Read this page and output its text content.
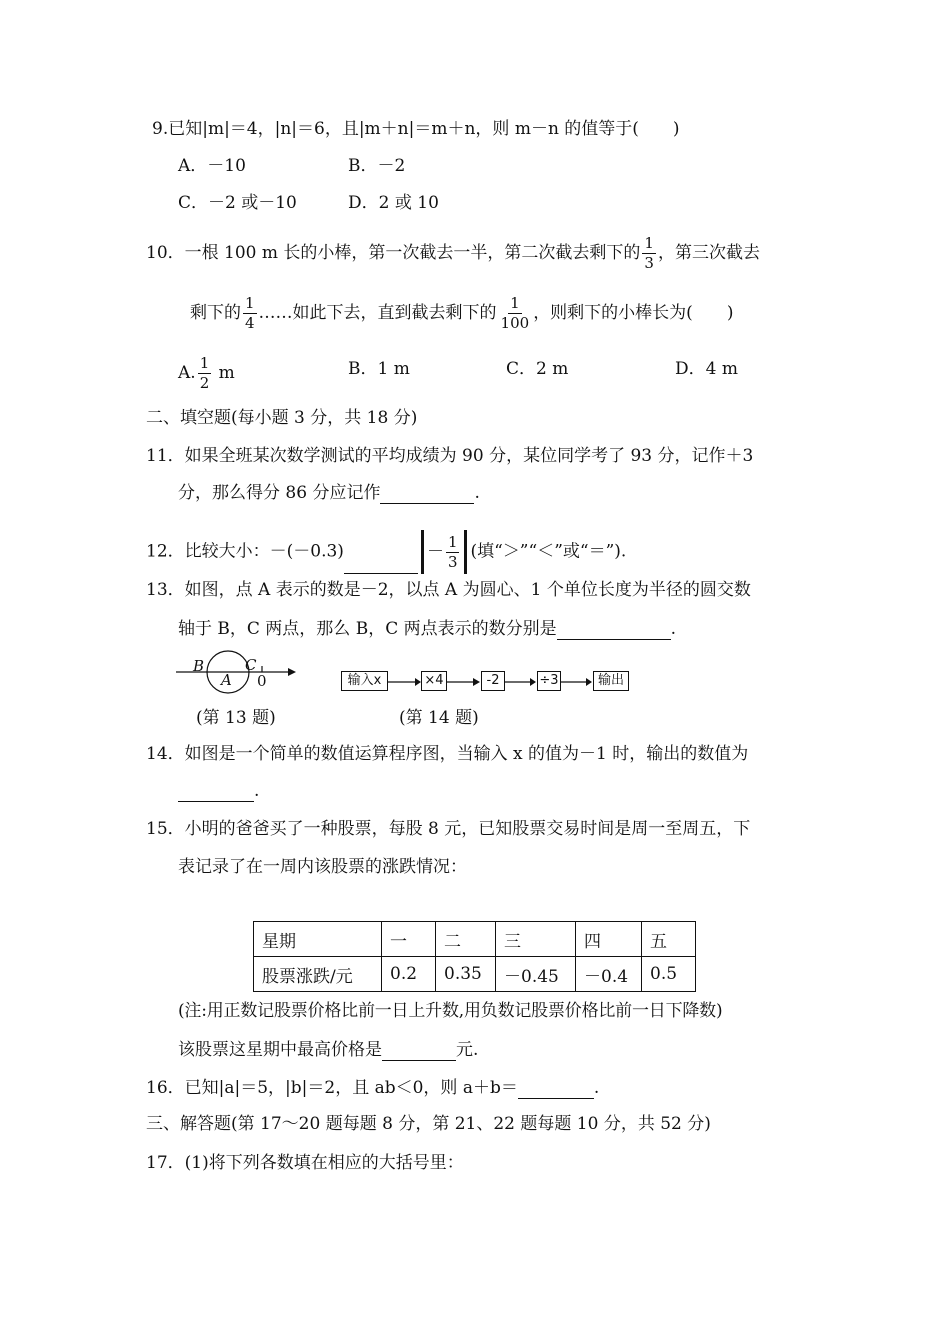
9.已知|m|＝4，|n|＝6，且|m＋n|＝m＋n，则 m－n 的值等于(　　)
A．－10	B．－2
C．－2 或－10	D．2 或 10
10．一根 100 m 长的小棒，第一次截去一半，第二次截去剩下的 $\frac{1}{3}$ ，第三次截去
剩下的 $\frac{1}{4}$ ……如此下去，直到截去剩下的 $\frac{1}{100}$ ，则剩下的小棒长为(　　)
A. $\frac{1}{2}$ m	B．1 m	C．2 m	D．4 m
二、填空题(每小题 3 分，共 18 分)
11．如果全班某次数学测试的平均成绩为 90 分，某位同学考了 93 分，记作＋3
分，那么得分 86 分应记作	.
12．比较大小：－(－0.3)	－
1
3 (填“＞”“＜”或“＝”).
13．如图，点 A 表示的数是－2，以点 A 为圆心、1 个单位长度为半径的圆交数
轴于 B，C 两点，那么 B，C 两点表示的数分别是	.
B	C
A 0
(第 13 题)
输入x	×4	-2	÷3	输出
(第 14 题)
14．如图是一个简单的数值运算程序图，当输入 x 的值为－1 时，输出的数值为
.
15．小明的爸爸买了一种股票，每股 8 元，已知股票交易时间是周一至周五，下
表记录了在一周内该股票的涨跌情况：
星期	一	二	三	四	五
股票涨跌/元	0.2	0.35	－0.45	－0.4	0.5
(注:用正数记股票价格比前一日上升数,用负数记股票价格比前一日下降数)
该股票这星期中最高价格是	元.
16．已知|a|＝5，|b|＝2，且 ab＜0，则 a＋b＝	.
三、解答题(第 17～20 题每题 8 分，第 21、22 题每题 10 分，共 52 分)
17．(1)将下列各数填在相应的大括号里：
